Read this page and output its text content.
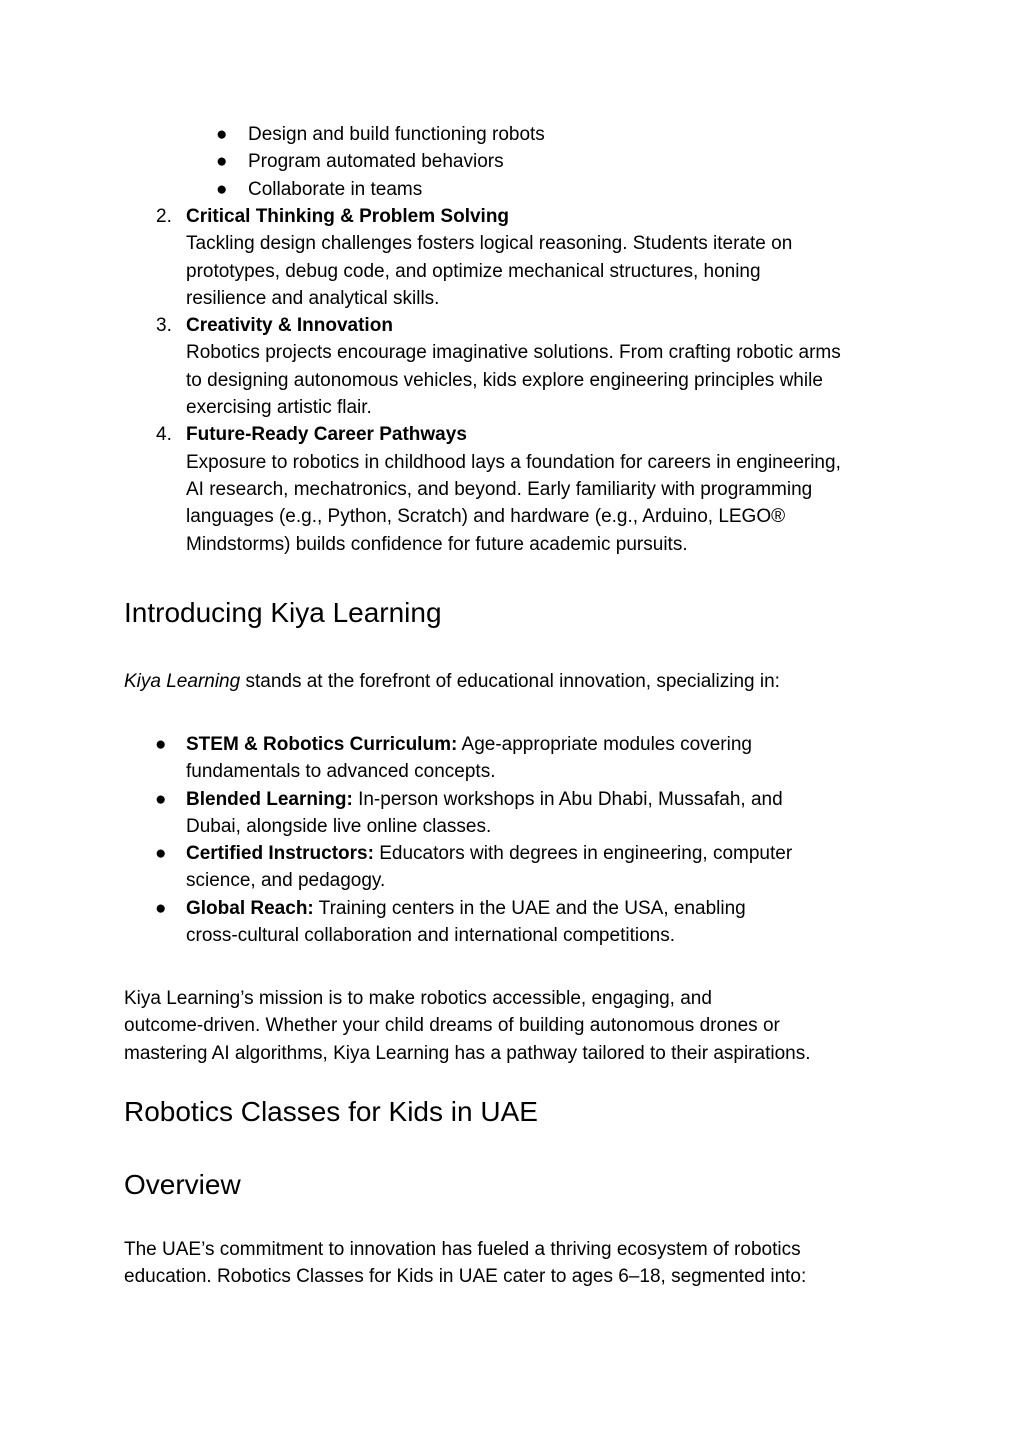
● Design and build functioning robots
● Program automated behaviors
● Collaborate in teams
2. Critical Thinking & Problem Solving
Tackling design challenges fosters logical reasoning. Students iterate on
prototypes, debug code, and optimize mechanical structures, honing
resilience and analytical skills.
3. Creativity & Innovation
Robotics projects encourage imaginative solutions. From crafting robotic arms
to designing autonomous vehicles, kids explore engineering principles while
exercising artistic flair.
4. Future-Ready Career Pathways
Exposure to robotics in childhood lays a foundation for careers in engineering,
AI research, mechatronics, and beyond. Early familiarity with programming
languages (e.g., Python, Scratch) and hardware (e.g., Arduino, LEGO®
Mindstorms) builds confidence for future academic pursuits.
Introducing Kiya Learning

Kiya Learning stands at the forefront of educational innovation, specializing in:

● STEM & Robotics Curriculum: Age-appropriate modules covering
fundamentals to advanced concepts.
● Blended Learning: In-person workshops in Abu Dhabi, Mussafah, and
Dubai, alongside live online classes.
● Certified Instructors: Educators with degrees in engineering, computer
science, and pedagogy.
● Global Reach: Training centers in the UAE and the USA, enabling
cross-cultural collaboration and international competitions.

Kiya Learning’s mission is to make robotics accessible, engaging, and
outcome-driven. Whether your child dreams of building autonomous drones or
mastering AI algorithms, Kiya Learning has a pathway tailored to their aspirations.

Robotics Classes for Kids in UAE
Overview

The UAE’s commitment to innovation has fueled a thriving ecosystem of robotics
education. Robotics Classes for Kids in UAE cater to ages 6–18, segmented into:
